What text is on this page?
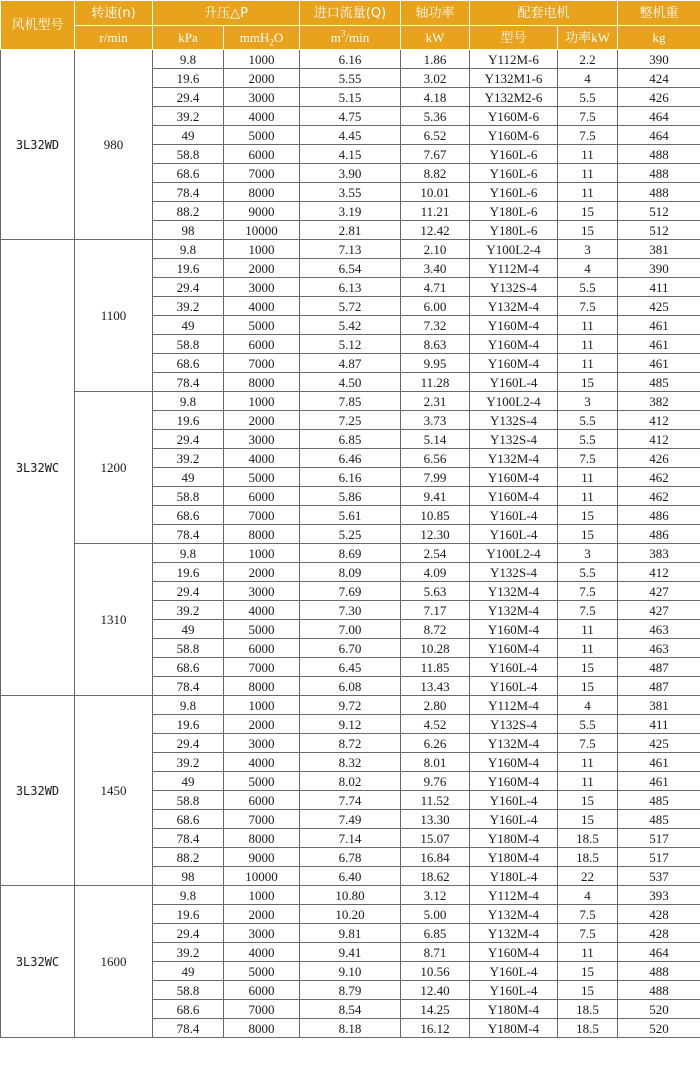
风机型号	转速(n)	升压△P		进口流量(Q)	轴功率	配套电机		整机重
	r/min	kPa	mmH$_2$O	$m^3/\min$	kW	型号	功率kW	kg
3L32WD	980	9.8	1000	6.16	1.86	Y112M-6	2.2	390
		19.6	2000	5.55	3.02	Y132M1-6	4	424
		29.4	3000	5.15	4.18	Y132M2-6	5.5	426
		39.2	4000	4.75	5.36	Y160M-6	7.5	464
		49	5000	4.45	6.52	Y160M-6	7.5	464
		58.8	6000	4.15	7.67	Y160L-6	11	488
		68.6	7000	3.90	8.82	Y160L-6	11	488
		78.4	8000	3.55	10.01	Y160L-6	11	488
		88.2	9000	3.19	11.21	Y180L-6	15	512
		98	10000	2.81	12.42	Y180L-6	15	512
3L32WC	1100	9.8	1000	7.13	2.10	Y100L2-4	3	381
		19.6	2000	6.54	3.40	Y112M-4	4	390
		29.4	3000	6.13	4.71	Y132S-4	5.5	411
		39.2	4000	5.72	6.00	Y132M-4	7.5	425
		49	5000	5.42	7.32	Y160M-4	11	461
		58.8	6000	5.12	8.63	Y160M-4	11	461
		68.6	7000	4.87	9.95	Y160M-4	11	461
		78.4	8000	4.50	11.28	Y160L-4	15	485
	1200	9.8	1000	7.85	2.31	Y100L2-4	3	382
		19.6	2000	7.25	3.73	Y132S-4	5.5	412
		29.4	3000	6.85	5.14	Y132S-4	5.5	412
		39.2	4000	6.46	6.56	Y132M-4	7.5	426
		49	5000	6.16	7.99	Y160M-4	11	462
		58.8	6000	5.86	9.41	Y160M-4	11	462
		68.6	7000	5.61	10.85	Y160L-4	15	486
		78.4	8000	5.25	12.30	Y160L-4	15	486
	1310	9.8	1000	8.69	2.54	Y100L2-4	3	383
		19.6	2000	8.09	4.09	Y132S-4	5.5	412
		29.4	3000	7.69	5.63	Y132M-4	7.5	427
		39.2	4000	7.30	7.17	Y132M-4	7.5	427
		49	5000	7.00	8.72	Y160M-4	11	463
		58.8	6000	6.70	10.28	Y160M-4	11	463
		68.6	7000	6.45	11.85	Y160L-4	15	487
		78.4	8000	6.08	13.43	Y160L-4	15	487
3L32WD	1450	9.8	1000	9.72	2.80	Y112M-4	4	381
		19.6	2000	9.12	4.52	Y132S-4	5.5	411
		29.4	3000	8.72	6.26	Y132M-4	7.5	425
		39.2	4000	8.32	8.01	Y160M-4	11	461
		49	5000	8.02	9.76	Y160M-4	11	461
		58.8	6000	7.74	11.52	Y160L-4	15	485
		68.6	7000	7.49	13.30	Y160L-4	15	485
		78.4	8000	7.14	15.07	Y180M-4	18.5	517
		88.2	9000	6.78	16.84	Y180M-4	18.5	517
		98	10000	6.40	18.62	Y180L-4	22	537
3L32WC	1600	9.8	1000	10.80	3.12	Y112M-4	4	393
		19.6	2000	10.20	5.00	Y132M-4	7.5	428
		29.4	3000	9.81	6.85	Y132M-4	7.5	428
		39.2	4000	9.41	8.71	Y160M-4	11	464
		49	5000	9.10	10.56	Y160L-4	15	488
		58.8	6000	8.79	12.40	Y160L-4	15	488
		68.6	7000	8.54	14.25	Y180M-4	18.5	520
		78.4	8000	8.18	16.12	Y180M-4	18.5	520
